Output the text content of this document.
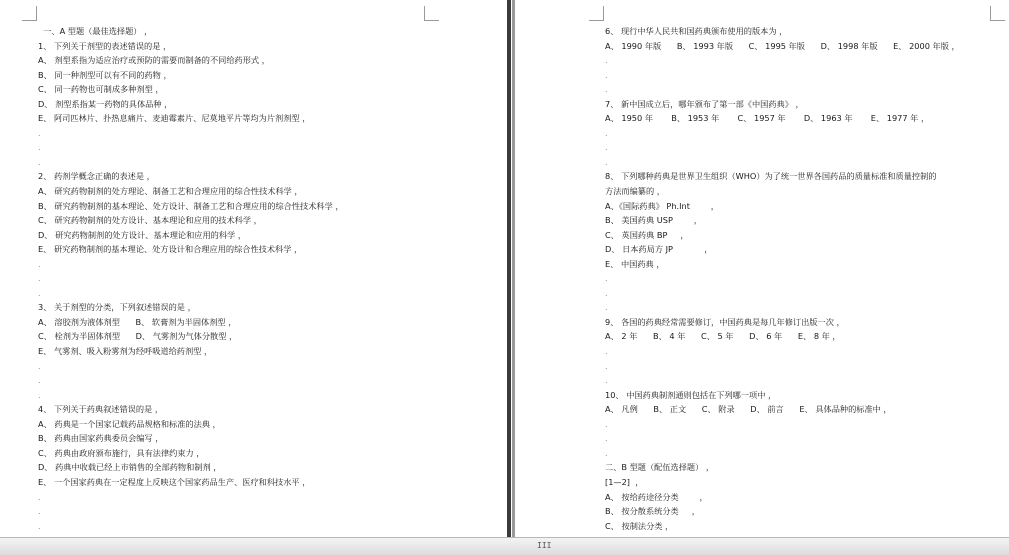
一、A 型题（最佳选择题） ，
1、 下列关于剂型的表述错误的是 ，
A、 剂型系指为适应治疗或预防的需要而制备的不同给药形式 ，
B、 同一种剂型可以有不同的药物 ，
C、 同一药物也可制成多种剂型 ，
D、 剂型系指某一药物的具体品种 ，
E、 阿司匹林片、扑热息痛片、麦迪霉素片、尼莫地平片等均为片剂剂型 ，
.
.
.
2、 药剂学概念正确的表述是 ，
A、 研究药物制剂的处方理论、制备工艺和合理应用的综合性技术科学 ，
B、 研究药物制剂的基本理论、处方设计、制备工艺和合理应用的综合性技术科学 ，
C、 研究药物制剂的处方设计、基本理论和应用的技术科学 ，
D、 研究药物制剂的处方设计、基本理论和应用的科学 ，
E、 研究药物制剂的基本理论、处方设计和合理应用的综合性技术科学 ，
.
.
.
3、 关于剂型的分类，下列叙述错误的是 ，
A、 溶胶剂为液体剂型      B、 软膏剂为半固体剂型 ，
C、 栓剂为半固体剂型      D、 气雾剂为气体分散型 ，
E、 气雾剂、吸入粉雾剂为经呼吸道给药剂型 ，
.
.
.
4、 下列关于药典叙述错误的是 ，
A、 药典是一个国家记载药品规格和标准的法典 ，
B、 药典由国家药典委员会编写 ，
C、 药典由政府颁布施行，具有法律约束力 ，
D、 药典中收载已经上市销售的全部药物和制剂 ，
E、 一个国家药典在一定程度上反映这个国家药品生产、医疗和科技水平 ，
.
.
.
6、 现行中华人民共和国药典颁布使用的版本为 ，
A、 1990 年版      B、 1993 年版      C、 1995 年版      D、 1998 年版      E、 2000 年版 ，
.
.
.
7、 新中国成立后，哪年颁布了第一部《中国药典》 ，
A、 1950 年       B、 1953 年       C、 1957 年       D、 1963 年       E、 1977 年 ，
.
.
.
8、 下列哪种药典是世界卫生组织（WHO）为了统一世界各国药品的质量标准和质量控制的
方法而编纂的 ，
A、《国际药典》 Ph.Int        ，
B、 美国药典 USP        ，
C、 英国药典 BP     ，
D、 日本药局方 JP            ，
E、 中国药典 ，
.
.
.
9、 各国的药典经常需要修订，中国药典是每几年修订出版一次 ，
A、 2 年      B、 4 年      C、 5 年      D、 6 年      E、 8 年 ，
.
.
.
10、 中国药典制剂通则包括在下列哪一项中 ，
A、 凡例      B、 正文      C、 附录      D、 前言      E、 具体品种的标准中 ，
.
.
.
二、B 型题（配伍选择题） ，
[1—2]  ，
A、 按给药途径分类        ，
B、 按分散系统分类     ，
C、 按制法分类 ，
III
